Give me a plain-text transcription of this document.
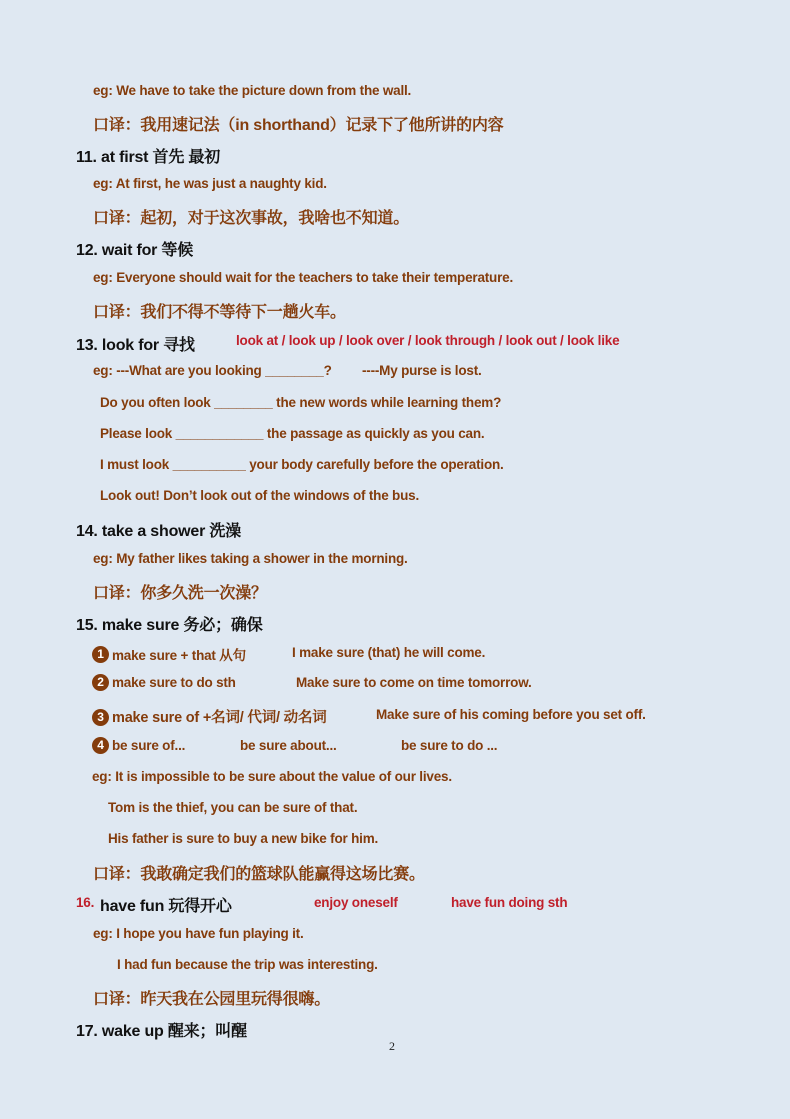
eg: We have to take the picture down from the wall.
口译：我用速记法（in shorthand）记录下了他所讲的内容
11. at first 首先 最初
eg: At first, he was just a naughty kid.
口译：起初，对于这次事故，我啥也不知道。
12. wait for 等候
eg: Everyone should wait for the teachers to take their temperature.
口译：我们不得不等待下一趟火车。
13. look for 寻找	look at / look up / look over / look through / look out / look like
eg: ---What are you looking ________? ----My purse is lost.
Do you often look ________ the new words while learning them?
Please look ____________ the passage as quickly as you can.
I must look __________ your body carefully before the operation.
Look out! Don’t look out of the windows of the bus.
14. take a shower 洗澡
eg: My father likes taking a shower in the morning.
口译：你多久洗一次澡？
15. make sure 务必；确保
1 make sure + that 从句	I make sure (that) he will come.
2 make sure to do sth	Make sure to come on time tomorrow.
3 make sure of +名词/ 代词/ 动名词	Make sure of his coming before you set off.
4 be sure of...	be sure about...	be sure to do ...
eg: It is impossible to be sure about the value of our lives.
Tom is the thief, you can be sure of that.
His father is sure to buy a new bike for him.
口译：我敢确定我们的篮球队能赢得这场比赛。
16. have fun 玩得开心	enjoy oneself	have fun doing sth
eg: I hope you have fun playing it.
I had fun because the trip was interesting.
口译：昨天我在公园里玩得很嗨。
17. wake up 醒来；叫醒
2
